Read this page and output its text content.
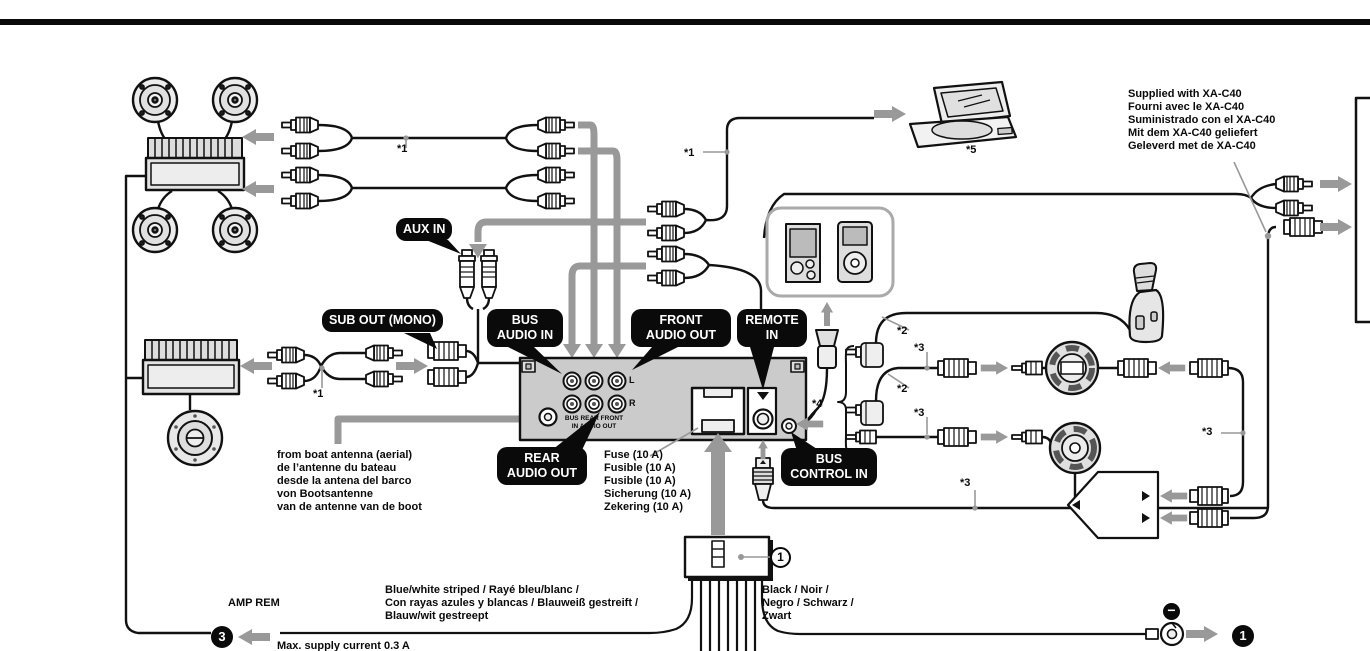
AUX IN
SUB OUT (MONO)	BUS AUDIO IN
FRONT AUDIO OUT
REMOTE IN
REAR AUDIO OUT
BUS CONTROL IN
Supplied with XA-C40
Fourni avec le XA-C40
Suministrado con el XA-C40
Mit dem XA-C40 geliefert
Geleverd met de XA-C40
from boat antenna (aerial)
de l’antenne du bateau
desde la antena del barco
von Bootsantenne
van de antenne van de boot
Fuse (10 A)
Fusible (10 A)
Fusible (10 A)
Sicherung (10 A)
Zekering (10 A)
Blue/white striped / Rayé bleu/blanc /
Con rayas azules y blancas / Blauweiß gestreift /
Blauw/wit gestreept
AMP REM
Max. supply current 0.3 A
Black / Noir /
Negro / Schwarz /
Zwart
L
R
BUS REAR FRONT
IN AUDIO OUT
*1	*1
*1
*2
*2
*3
*3
*3
*3
*4
*5
3
1
1
−
